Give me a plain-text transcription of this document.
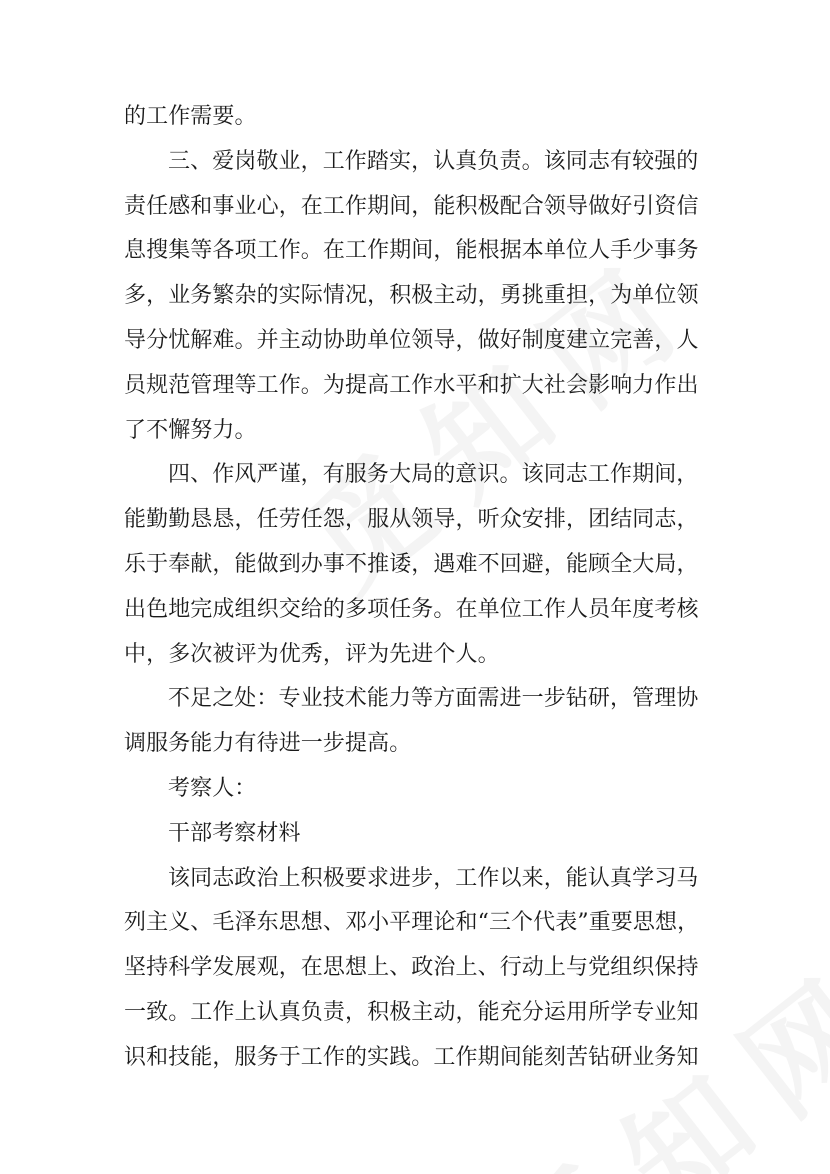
的工作需要。

三、爱岗敬业，工作踏实，认真负责。该同志有较强的

责任感和事业心，在工作期间，能积极配合领导做好引资信

息搜集等各项工作。在工作期间，能根据本单位人手少事务

多，业务繁杂的实际情况，积极主动，勇挑重担，为单位领

导分忧解难。并主动协助单位领导，做好制度建立完善，人

员规范管理等工作。为提高工作水平和扩大社会影响力作出

了不懈努力。

四、作风严谨，有服务大局的意识。该同志工作期间，

能勤勤恳恳，任劳任怨，服从领导，听众安排，团结同志，

乐于奉献，能做到办事不推诿，遇难不回避，能顾全大局，

出色地完成组织交给的多项任务。在单位工作人员年度考核

中，多次被评为优秀，评为先进个人。

不足之处：专业技术能力等方面需进一步钻研，管理协

调服务能力有待进一步提高。

考察人：

干部考察材料

该同志政治上积极要求进步，工作以来，能认真学习马

列主义、毛泽东思想、邓小平理论和“三个代表”重要思想，

坚持科学发展观，在思想上、政治上、行动上与党组织保持

一致。工作上认真负责，积极主动，能充分运用所学专业知

识和技能，服务于工作的实践。工作期间能刻苦钻研业务知
